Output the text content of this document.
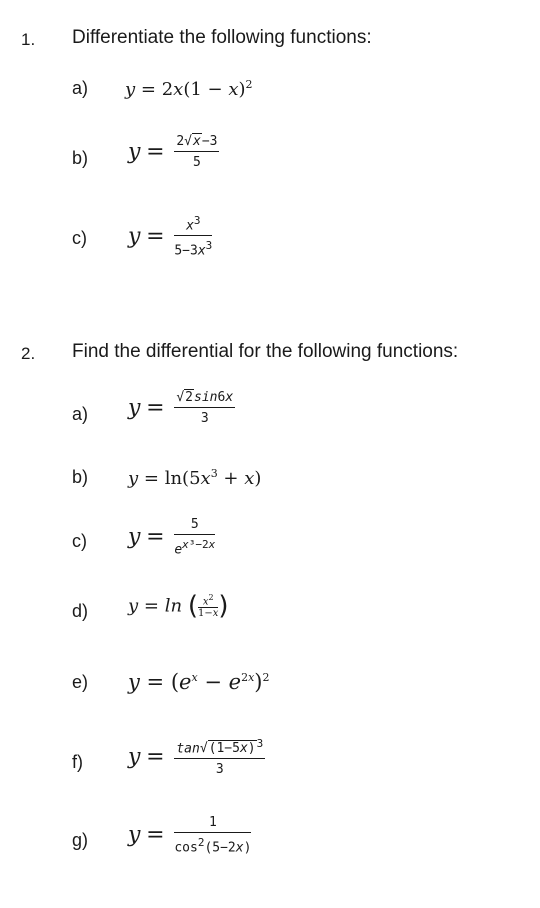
1. Differentiate the following functions:
a) $y = 2x(1 - x)^2$
b) $y = \frac{2√x-3}{5}$
c) $y = \frac{x^3}{5-3x^3}$
2. Find the differential for the following functions:
a) $y = \frac{√2\sin 6x}{3}$
b) $y = \ln(5x^3 + x)$
c) $y = \frac{5}{e^{x^3-2x}}$
d) y = ln ( $\frac{x^2}{1-x}$ )
e) $y = (e^x - e^{2x})^2$
f) $y = \frac{\tan√(1-5x)^3}{3}$
g) $y = \frac{1}{\cos^2(5-2x)}$
